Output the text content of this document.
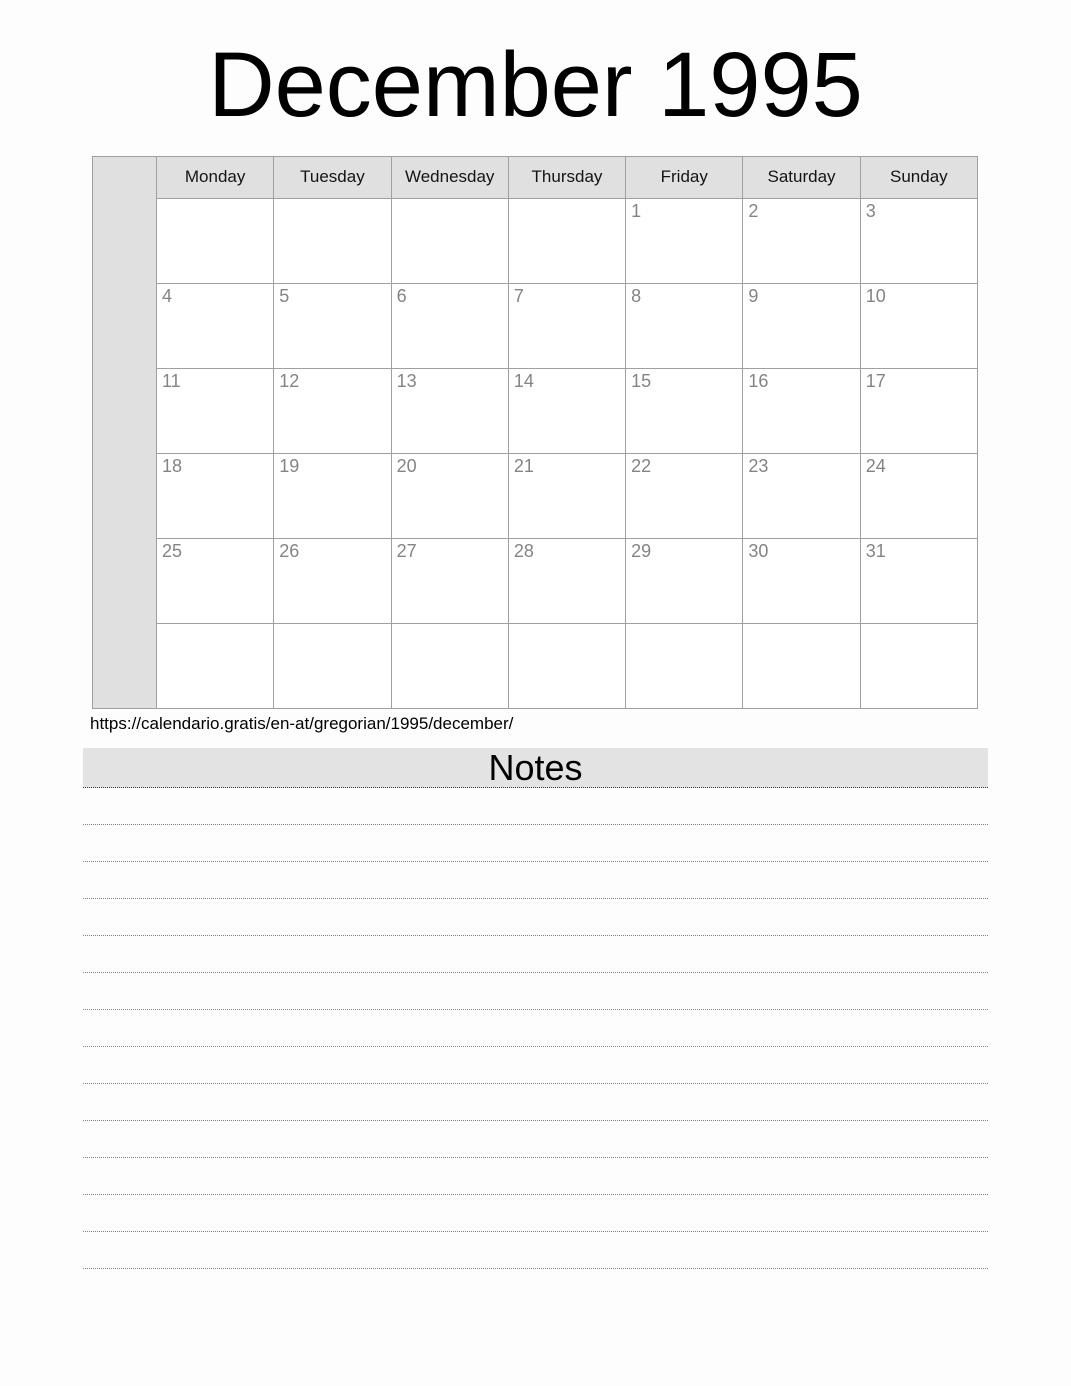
December 1995
	Monday	Tuesday	Wednesday	Thursday	Friday	Saturday	Sunday

					1	2	3

	4	5	6	7	8	9	10

	11	12	13	14	15	16	17

	18	19	20	21	22	23	24

	25	26	27	28	29	30	31

https://calendario.gratis/en-at/gregorian/1995/december/
Notes
